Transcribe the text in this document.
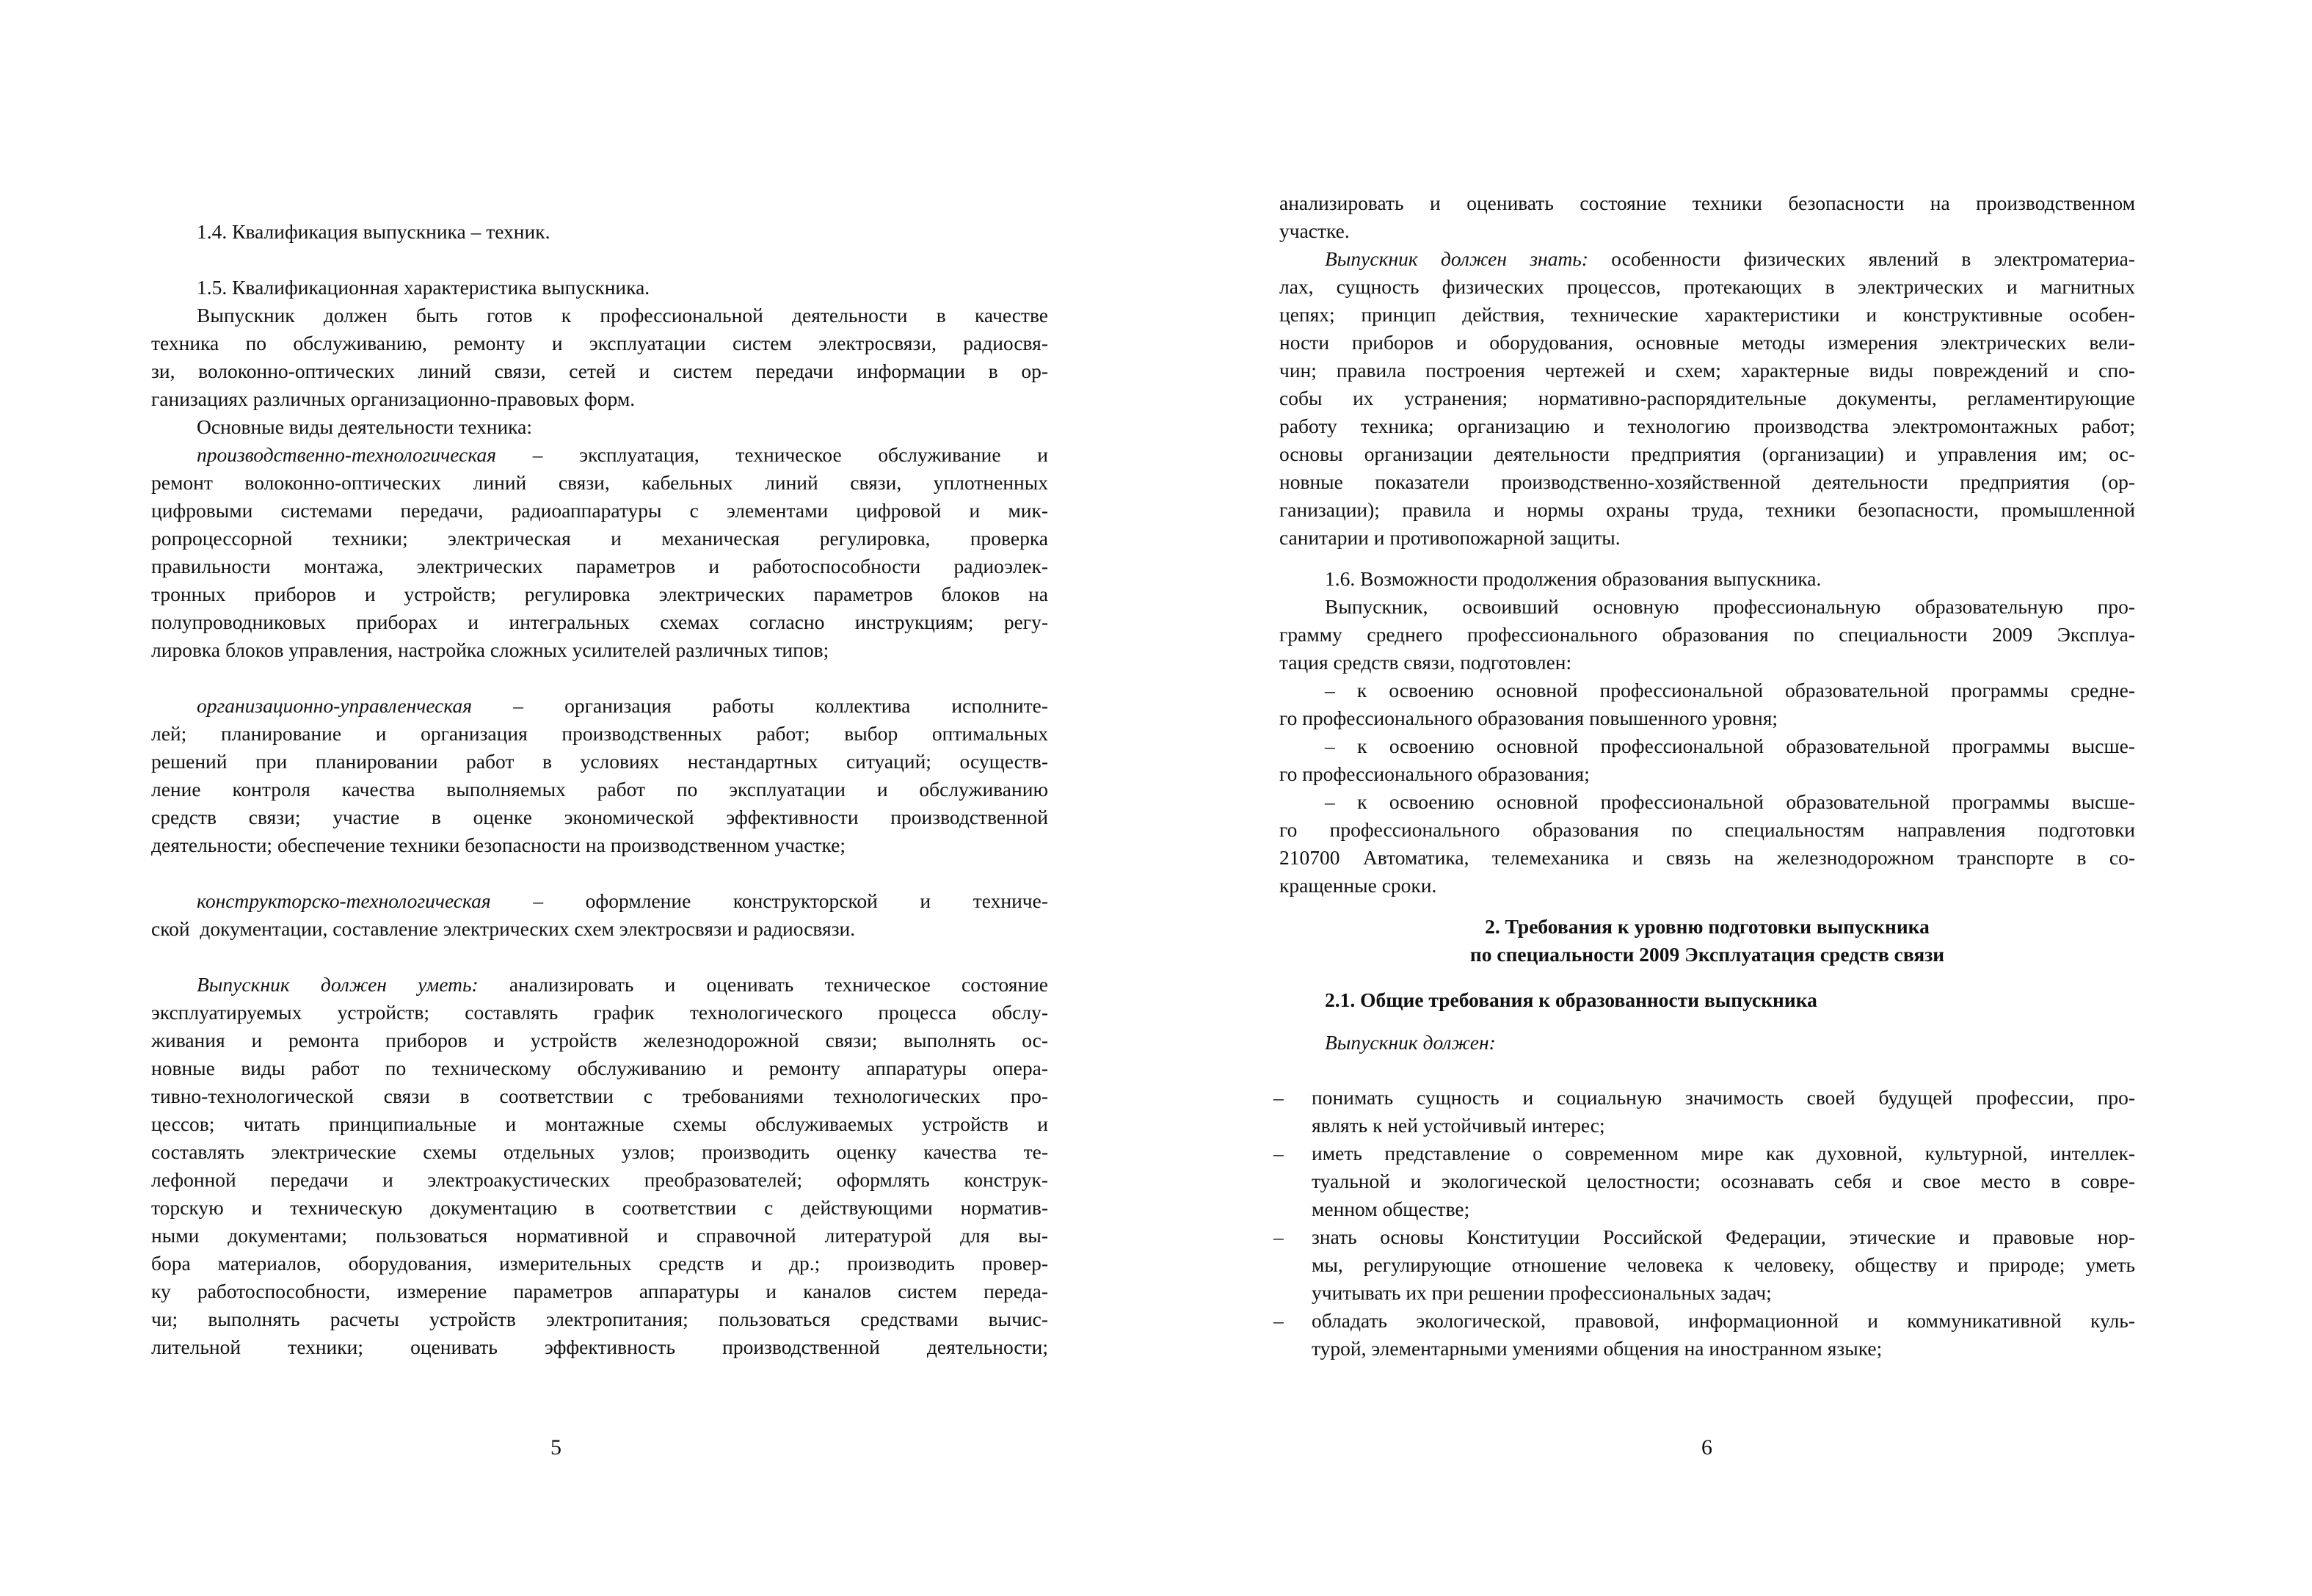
1.4. Квалификация выпускника – техник.
1.5. Квалификационная характеристика выпускника.
Выпускник должен быть готов к профессиональной деятельности в качестве
техника по обслуживанию, ремонту и эксплуатации систем электросвязи, радиосвя-
зи, волоконно-оптических линий связи, сетей и систем передачи информации в ор-
ганизациях различных организационно-правовых форм.
Основные виды деятельности техника:
производственно-технологическая – эксплуатация, техническое обслуживание и
ремонт волоконно-оптических линий связи, кабельных линий связи, уплотненных
цифровыми системами передачи, радиоаппаратуры с элементами цифровой и мик-
ропроцессорной техники; электрическая и механическая регулировка, проверка
правильности монтажа, электрических параметров и работоспособности радиоэлек-
тронных приборов и устройств; регулировка электрических параметров блоков на
полупроводниковых приборах и интегральных схемах согласно инструкциям; регу-
лировка блоков управления, настройка сложных усилителей различных типов;
организационно-управленческая – организация работы коллектива исполните-
лей; планирование и организация производственных работ; выбор оптимальных
решений при планировании работ в условиях нестандартных ситуаций; осуществ-
ление контроля качества выполняемых работ по эксплуатации и обслуживанию
средств связи; участие в оценке экономической эффективности производственной
деятельности; обеспечение техники безопасности на производственном участке;
конструкторско-технологическая – оформление конструкторской и техниче-
ской  документации, составление электрических схем электросвязи и радиосвязи.
Выпускник должен уметь: анализировать и оценивать техническое состояние
эксплуатируемых устройств; составлять график технологического процесса обслу-
живания и ремонта приборов и устройств железнодорожной связи; выполнять ос-
новные виды работ по техническому обслуживанию и ремонту аппаратуры опера-
тивно-технологической связи в соответствии с требованиями технологических про-
цессов; читать принципиальные и монтажные схемы обслуживаемых устройств и
составлять электрические схемы отдельных узлов; производить оценку качества те-
лефонной передачи и электроакустических преобразователей; оформлять конструк-
торскую и техническую документацию в соответствии с действующими норматив-
ными документами; пользоваться нормативной и справочной литературой для вы-
бора материалов, оборудования, измерительных средств и др.; производить провер-
ку работоспособности, измерение параметров аппаратуры и каналов систем переда-
чи; выполнять расчеты устройств электропитания; пользоваться средствами вычис-
лительной техники; оценивать эффективность производственной деятельности;
5
анализировать и оценивать состояние техники безопасности на производственном
участке.
Выпускник должен знать: особенности физических явлений в электроматериа-
лах, сущность физических процессов, протекающих в электрических и магнитных
цепях; принцип действия, технические характеристики и конструктивные особен-
ности приборов и оборудования, основные методы измерения электрических вели-
чин; правила построения чертежей и схем; характерные виды повреждений и спо-
собы их устранения; нормативно-распорядительные документы, регламентирующие
работу техника; организацию и технологию производства электромонтажных работ;
основы организации деятельности предприятия (организации) и управления им; ос-
новные показатели производственно-хозяйственной деятельности предприятия (ор-
ганизации); правила и нормы охраны труда, техники безопасности, промышленной
санитарии и противопожарной защиты.
1.6. Возможности продолжения образования выпускника.
Выпускник, освоивший основную профессиональную образовательную про-
грамму среднего профессионального образования по специальности 2009 Эксплуа-
тация средств связи, подготовлен:
– к освоению основной профессиональной образовательной программы средне-
го профессионального образования повышенного уровня;
– к освоению основной профессиональной образовательной программы высше-
го профессионального образования;
– к освоению основной профессиональной образовательной программы высше-
го профессионального образования по специальностям направления подготовки
210700 Автоматика, телемеханика и связь на железнодорожном транспорте в со-
кращенные сроки.
2. Требования к уровню подготовки выпускника
по специальности 2009 Эксплуатация средств связи
2.1. Общие требования к образованности выпускника
Выпускник должен:
– понимать сущность и социальную значимость своей будущей профессии, про-
являть к ней устойчивый интерес;
– иметь представление о современном мире как духовной, культурной, интеллек-
туальной и экологической целостности; осознавать себя и свое место в совре-
менном обществе;
– знать основы Конституции Российской Федерации, этические и правовые нор-
мы, регулирующие отношение человека к человеку, обществу и природе; уметь
учитывать их при решении профессиональных задач;
– обладать экологической, правовой, информационной и коммуникативной куль-
турой, элементарными умениями общения на иностранном языке;
6
